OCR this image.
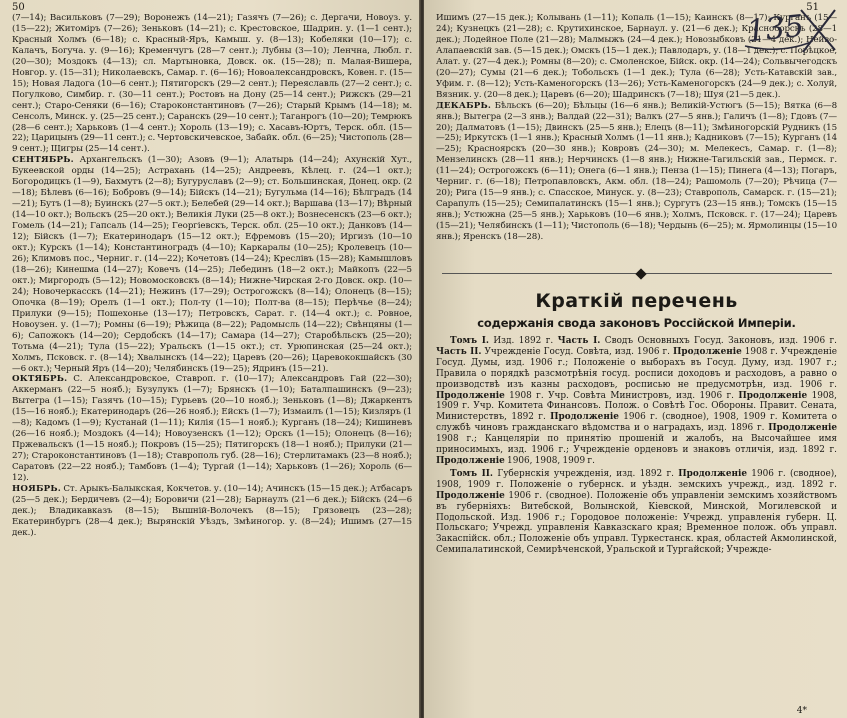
50

(7—14); Васильковъ (7—29); Воронежъ (14—21); Газячъ (7—26); с. Дергачи, Новоуз. у. (15—22); Житоміръ (7—26); Зеньковъ (14—21); с. Крестовское, Шадрин. у. (1—1 сент.); Красный Холмъ (6—18); с. Красный-Яръ, Камыш. у. (8—13); Кобеляки (10—17); с. Калачъ, Богуча. у. (9—16); Кременчугъ (28—7 сент.); Лубны (3—10); Ленчна, Любл. г. (20—30); Моздокъ (4—13); сл. Мартыновка, Довск. ок. (15—28); п. Малая-Вишера, Новгор. у. (15—31); Николаевскъ, Самар. г. (6—16); Новоалександровскъ, Ковен. г. (15—15); Новая Ладога (10—6 сент.); Пятигорскъ (29—2 сент.); Переяславль (27—2 сент.); с. Погулково, Симбир. г. (30—11 сент.); Ростовъ на Дону (25—14 сент.); Рижскъ (29—21 сент.); Старо-Сеняки (6—16); Староконстантиновъ (7—26); Старый Крымъ (14—18); м. Сенсолъ, Минск. у. (25—25 сент.); Саранскъ (29—10 сент.); Таганрогъ (10—20); Темрюкъ (28—6 сент.); Харьковъ (1—4 сент.); Хороль (13—19); с. Хасавъ-Юртъ, Терск. обл. (15—22); Царицынъ (29—11 сент.); с. Чертовскичевское, Забайк. обл. (6—25); Чистополь (28—9 сент.); Щигры (25—14 сент.).

СЕНТЯБРЬ. Архангельскъ (1—30); Азовъ (9—1); Алатырь (14—24); Ахунскій Хут., Букеевской орды (14—25); Астрахань (14—25); Андреевъ, Кѣлец. г. (24—1 окт.); Богородицкъ (1—9), Бахмутъ (2—8); Бугуруславъ (2—9); ст. Большинская, Донец. окр. (2—18); Бѣлевъ (6—16); Бобровъ (9—14); Бійскъ (14—21); Бугульма (14—16); Бѣлградъ (14—21); Бутъ (1—8); Буинскъ (27—5 окт.); Белебей (29—14 окт.); Варшава (13—17); Вѣрный (14—10 окт.); Вольскъ (25—20 окт.); Великія Луки (25—8 окт.); Вознесенскъ (23—6 окт.); Гомель (14—21); Гапсаль (14—25); Георгіевскъ, Терск. обл. (25—10 окт.); Данковъ (14—12); Бійскъ (1—7); Екатеринодаръ (15—12 окт.); Ефремовъ (15—20); Иргизъ (10—10 окт.); Курскъ (1—14); Константиноградъ (4—10); Каркаралы (10—25); Кролевецъ (10—26); Климовъ пос., Черниг. г. (14—22); Кочетовъ (14—24); Креслівъ (15—28); Камышловъ (18—26); Кинешма (14—27); Ковечъ (14—25); Лебединъ (18—2 окт.); Майкопъ (22—5 окт.); Миргородъ (5—12); Новомосковскъ (8—14); Нижне-Чирская 2-го Довск. окр. (10—24); Новочеркасскъ (14—21); Нежинъ (17—29); Острогожскъ (8—14); Олонецъ (8—15); Опочка (8—19); Орелъ (1—1 окт.); Пол-ту (1—10); Полт-ва (8—15); Перѣчье (8—24); Прилуки (9—15); Пошехонье (13—17); Петровскъ, Сарат. г. (14—4 окт.); с. Ровное, Новоузен. у. (1—7); Ромны (6—19); Рѣжица (8—22); Радомысль (14—22); Свѣнцяны (1—6); Сапожокъ (14—20); Сердобскъ (14—17); Самара (14—27); Старобѣльскъ (25—20); Тотьма (4—21); Тула (15—22); Уральскъ (1—15 окт.); ст. Урюпинская (25—24 окт.); Холмъ, Псковск. г. (8—14); Хвалынскъ (14—22); Царевъ (20—26); Царевококшайскъ (30—6 окт.); Черный Яръ (14—20); Челябинскъ (19—25); Ядринъ (15—21).

ОКТЯБРЬ. С. Александровское, Ставроп. г. (10—17); Александровъ Гай (22—30); Аккерманъ (22—5 нояб.); Бузулукъ (1—7); Брянскъ (1—10); Баталпашинскъ (9—23); Вытегра (1—15); Газячъ (10—15); Гурьевъ (20—10 нояб.); Зеньковъ (1—8); Джаркентъ (15—16 нояб.); Екатеринодаръ (26—26 нояб.); Ейскъ (1—7); Измаилъ (1—15); Кизляръ (1—8); Кадомъ (1—9); Кустанай (1—11); Килія (15—1 нояб.); Курганъ (18—24); Кишиневъ (26—16 нояб.); Моздокъ (4—14); Новоузенскъ (1—12); Орскъ (1—15); Олонецъ (8—16); Пржевальскъ (1—15 нояб.); Покровъ (15—25); Пятигорскъ (18—1 нояб.); Прилуки (21—27); Староконстантиновъ (1—18); Ставрополь губ. (28—16); Стерлитамакъ (23—8 нояб.); Саратовъ (22—22 нояб.); Тамбовъ (1—4); Тургай (1—14); Харьковъ (1—26); Хороль (6—12).

НОЯБРЬ. Ст. Арыкъ-Балыкская, Кокчетов. у. (10—14); Ачинскъ (15—15 дек.); Атбасаръ (25—5 дек.); Бердичевъ (2—4); Боровичи (21—28); Барнаулъ (21—6 дек.); Бійскъ (24—6 дек.); Владикавказъ (8—15); Вышній-Волочекъ (8—15); Грязовецъ (23—28); Екатеринбургъ (28—4 дек.); Вырянскій Уѣздъ, Змѣиногор. у. (8—24); Ишимъ (27—15 дек.).

51
135

Ишимъ (27—15 дек.); Колывань (1—11); Копаль (1—15); Каинскъ (8—17); Курганъ (15—24); Кузнецкъ (21—28); с. Крутихинское, Барнаул. у. (21—6 дек.); Красноборскъ (28—1 дек.); Лодейное Поле (21—28); Малмыжъ (24—4 дек.); Новозыбковъ (21—4 дек.); Нейво-Алапаевскій зав. (5—15 дек.); Омскъ (15—1 дек.); Павлодаръ, у. (18—1 дек.); с. Порѣцкое, Алат. у. (27—4 дек.); Ромны (8—20); с. Смоленское, Бійск. окр. (14—24); Сольвычегодскъ (20—27); Сумы (21—6 дек.); Тобольскъ (1—1 дек.); Тула (6—28); Усть-Катавскій зав., Уфим. г. (8—12); Усть-Каменогорскъ (13—26); Усть-Каменогорскъ (24—9 дек.); с. Холуй, Вязник. у. (20—8 дек.); Царевъ (6—20); Шадринскъ (7—18); Шуя (21—5 дек.).

ДЕКАБРЬ. Бѣльскъ (6—20); Бѣльцы (16—6 янв.); Великій-Устюгъ (5—15); Вятка (6—8 янв.); Вытегра (2—3 янв.); Валдай (22—31); Валкъ (27—5 янв.); Галичъ (1—8); Гдовъ (7—20); Далматовъ (1—15); Двинскъ (25—5 янв.); Елецъ (8—11); Змѣиногорскій Рудникъ (15—25); Иркутскъ (1—1 янв.); Красный Холмъ (1—11 янв.); Кадниковъ (7—15); Курганъ (14—25); Красноярскъ (20—30 янв.); Ковровъ (24—30); м. Мелекесъ, Самар. г. (1—8); Мензелинскъ (28—11 янв.); Нерчинскъ (1—8 янв.); Нижне-Тагильскій зав., Пермск. г. (11—24); Острогожскъ (6—11); Онега (6—1 янв.); Пенза (1—15); Пинега (4—13); Погаръ, Черниг. г. (6—18); Петропавловскъ, Акм. обл. (18—24); Рашомоль (7—20); Рѣчица (7—20); Рига (15—9 янв.); с. Спасское, Минуск. у. (8—23); Ставрополь, Самарск. г. (15—21); Сарапулъ (15—25); Семипалатинскъ (15—1 янв.); Сургутъ (23—15 янв.); Томскъ (15—15 янв.); Устюжна (25—5 янв.); Харьковъ (10—6 янв.); Холмъ, Псковск. г. (17—24); Царевъ (15—21); Челябинскъ (1—11); Чистополь (6—18); Чердынь (6—25); м. Ярмолинцы (15—10 янв.); Яренскъ (18—28).

Краткій перечень
содержанія свода законовъ Россійской Имперіи.

Томъ I. Изд. 1892 г. Часть I. Сводъ Основныхъ Госуд. Законовъ, изд. 1906 г. Часть II. Учрежденіе Госуд. Совѣта, изд. 1906 г. Продолженіе 1908 г. Учрежденіе Госуд. Думы, изд. 1906 г.; Положеніе о выборахъ въ Госуд. Думу, изд. 1907 г.; Правила о порядкѣ разсмотрѣнія госуд. росписи доходовъ и расходовъ, а равно о производствѣ изъ казны расходовъ, росписью не предусмотрѣн, изд. 1906 г. Продолженіе 1908 г. Учр. Совѣта Министровъ, изд. 1906 г. Продолженіе 1908, 1909 г. Учр. Комитета Финансовъ. Полож. о Совѣтѣ Гос. Обороны. Правит. Сената, Министерствъ, 1892 г. Продолженіе 1906 г. (сводное), 1908, 1909 г. Комитета о службѣ чиновъ гражданскаго вѣдомства и о наградахъ, изд. 1896 г. Продолженіе 1908 г.; Канцеляріи по принятію прошеній и жалобъ, на Высочайшее имя приносимыхъ, изд. 1906 г.; Учрежденіе орденовъ и знаковъ отличія, изд. 1892 г. Продолженіе 1906, 1908, 1909 г.

Томъ II. Губернскія учрежденія, изд. 1892 г. Продолженіе 1906 г. (сводное), 1908, 1909 г. Положеніе о губернск. и уѣздн. земскихъ учрежд., изд. 1892 г. Продолженіе 1906 г. (сводное). Положеніе объ управленіи земскимъ хозяйствомъ въ губерніяхъ: Витебской, Волынской, Кіевской, Минской, Могилевской и Подольской. Изд. 1906 г.; Городовое положеніе: Учрежд. управленія губерн. Ц. Польскаго; Учрежд. управленія Кавказскаго края; Временное полож. объ управл. Закаспійск. обл.; Положеніе объ управл. Туркестанск. края, областей Акмолинской, Семипалатинской, Семирѣченской, Уральской и Тургайской; Учрежде-

4*
